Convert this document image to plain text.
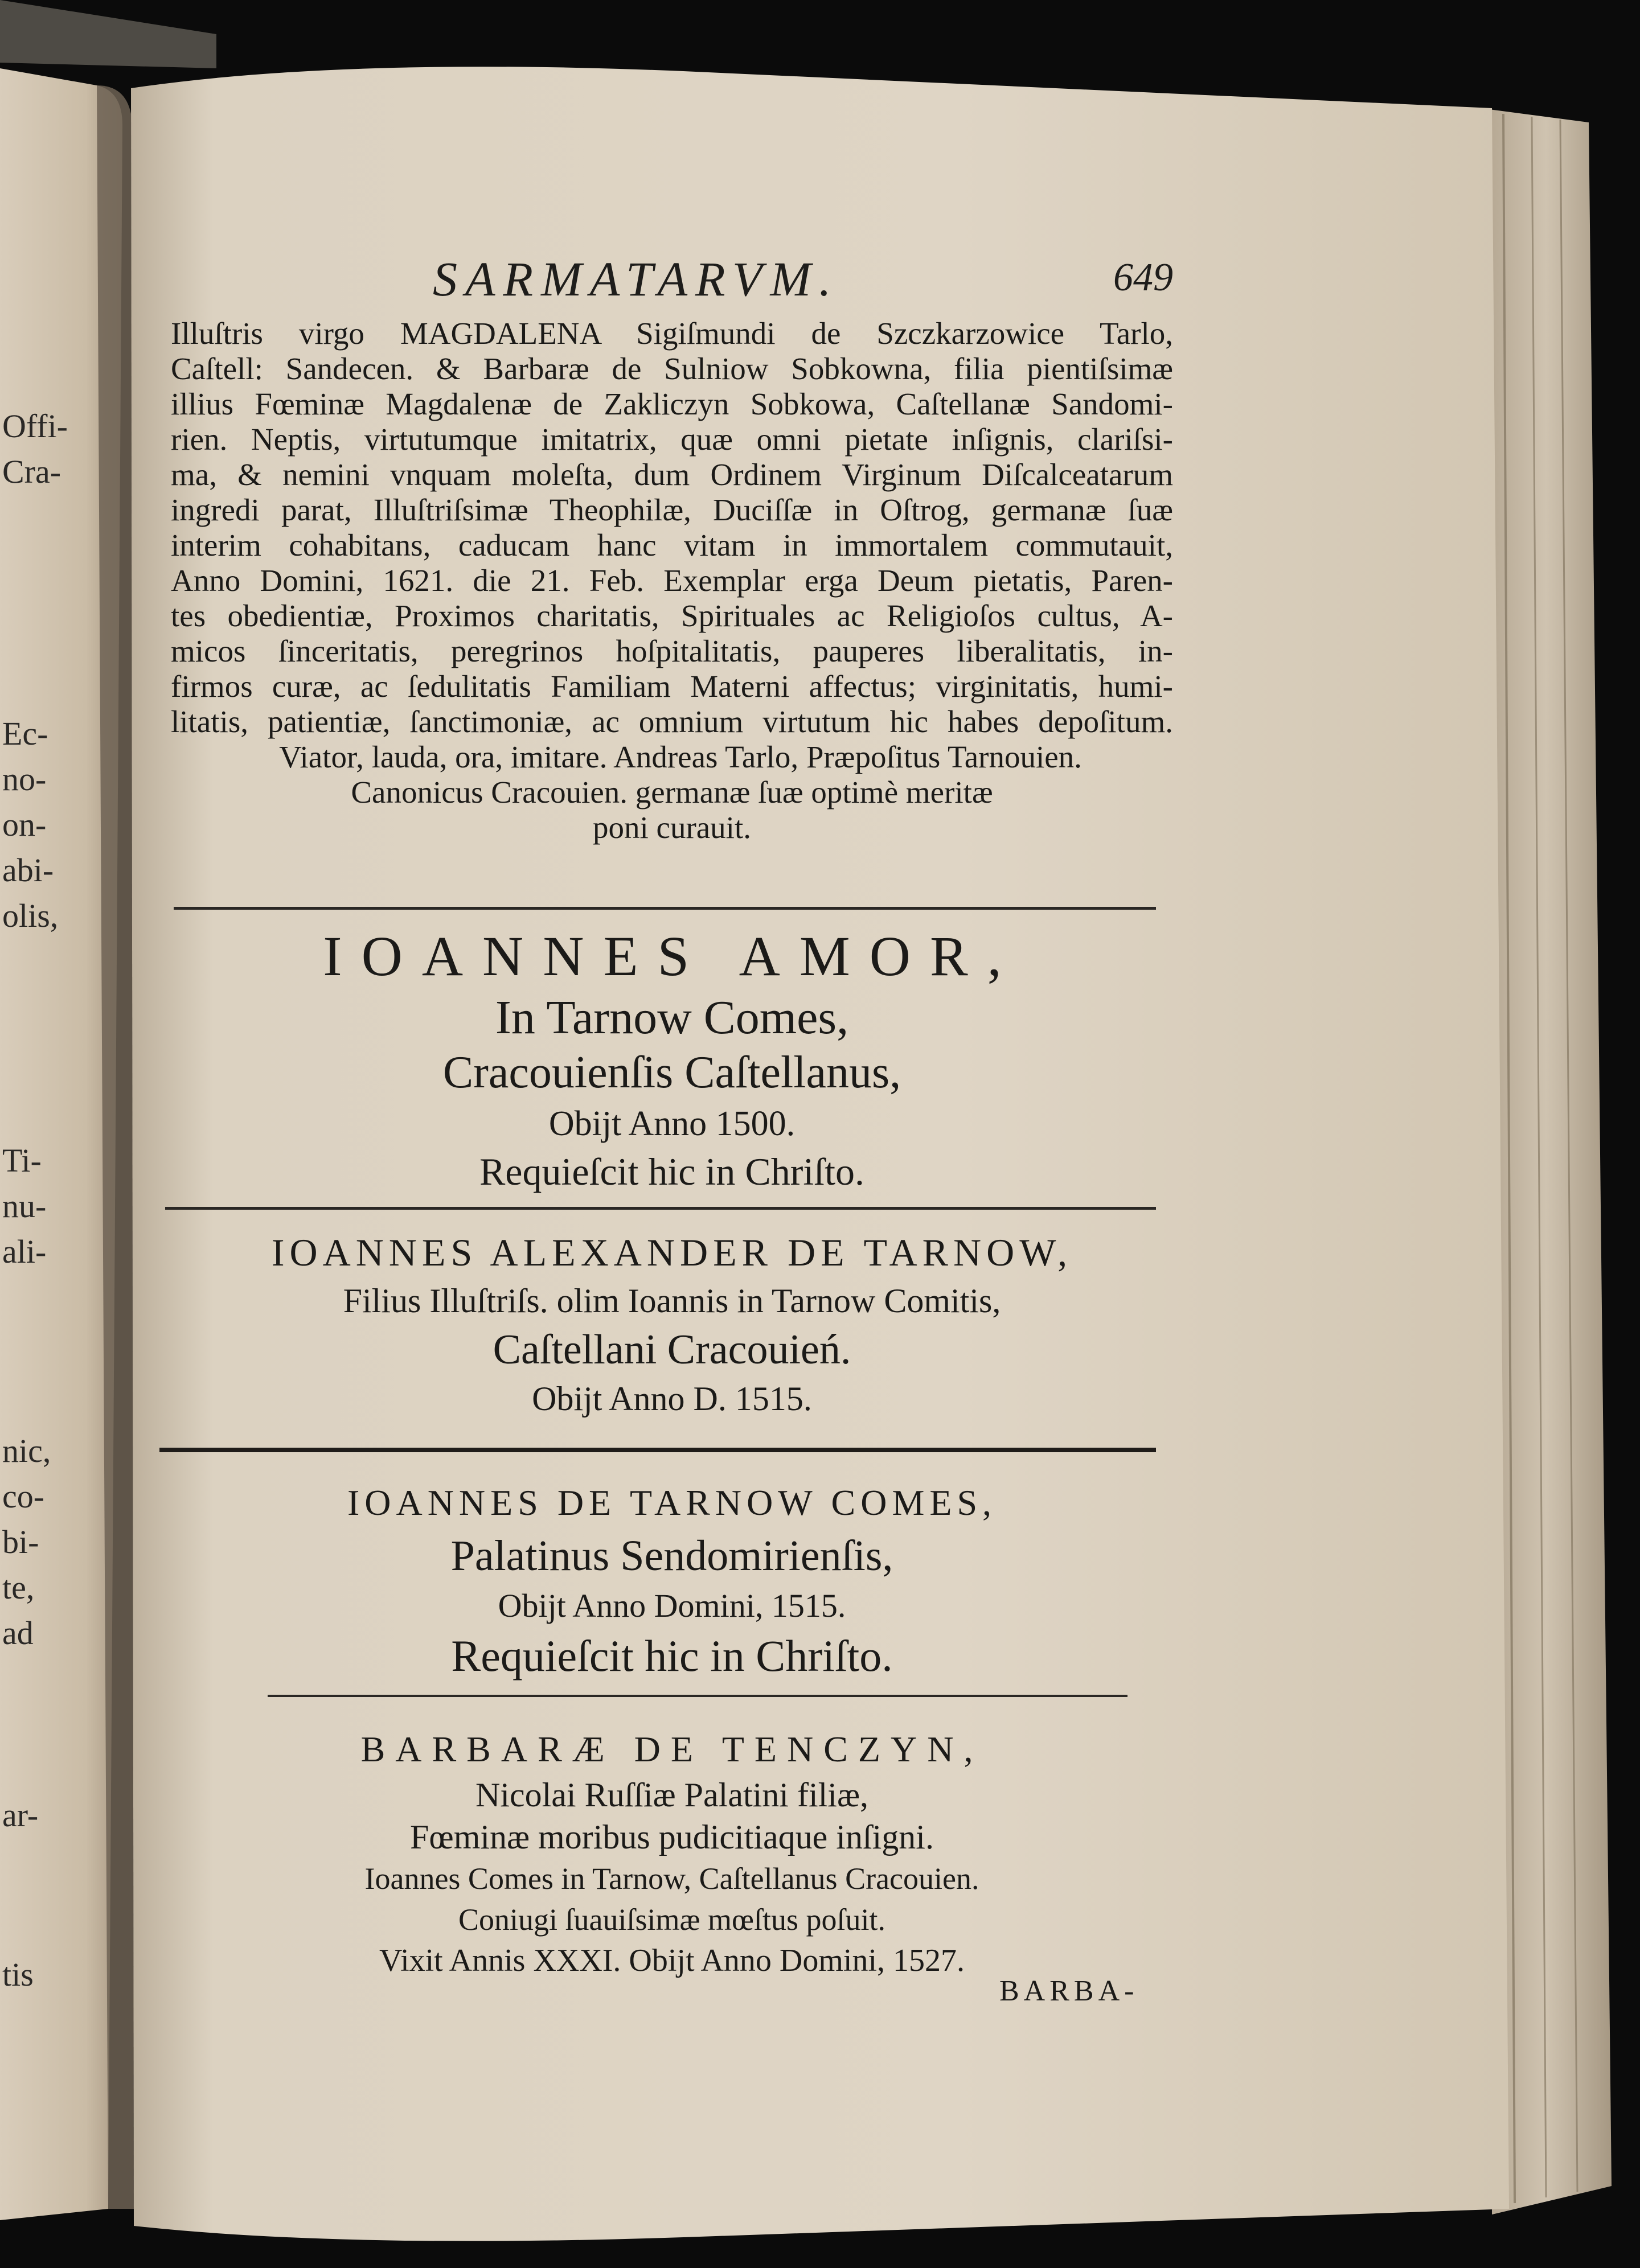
Offi-
Cra-
Ec-
no-
on-
abi-
olis,
Ti-
nu-
ali-
nic,
co-
bi-
te,
ad
ar-
tis
SARMATARVM.	649
Illuſtris virgo MAGDALENA Sigiſmundi de Szczkarzowice Tarlo,
Caſtell: Sandecen. & Barbaræ de Sulniow Sobkowna, filia pientiſsimæ
illius Fœminæ Magdalenæ de Zakliczyn Sobkowa, Caſtellanæ Sandomi-
rien. Neptis, virtutumque imitatrix, quæ omni pietate inſignis, clariſsi-
ma, & nemini vnquam moleſta, dum Ordinem Virginum Diſcalceatarum
ingredi parat, Illuſtriſsimæ Theophilæ, Duciſſæ in Oſtrog, germanæ ſuæ
interim cohabitans, caducam hanc vitam in immortalem commutauit,
Anno Domini, 1621. die 21. Feb. Exemplar erga Deum pietatis, Paren-
tes obedientiæ, Proximos charitatis, Spirituales ac Religioſos cultus, A-
micos ſinceritatis, peregrinos hoſpitalitatis, pauperes liberalitatis, in-
firmos curæ, ac ſedulitatis Familiam Materni affectus; virginitatis, humi-
litatis, patientiæ, ſanctimoniæ, ac omnium virtutum hic habes depoſitum.
Viator, lauda, ora, imitare. Andreas Tarlo, Præpoſitus Tarnouien.
Canonicus Cracouien. germanæ ſuæ optimè meritæ
poni curauit.
IOANNES AMOR,
In Tarnow Comes,
Cracouienſis Caſtellanus,
Obijt Anno 1500.
Requieſcit hic in Chriſto.
IOANNES ALEXANDER DE TARNOW,
Filius Illuſtriſs. olim Ioannis in Tarnow Comitis,
Caſtellani Cracouień.
Obijt Anno D. 1515.
IOANNES DE TARNOW COMES,
Palatinus Sendomirienſis,
Obijt Anno Domini, 1515.
Requieſcit hic in Chriſto.
BARBARÆ DE TENCZYN,
Nicolai Ruſſiæ Palatini filiæ,
Fœminæ moribus pudicitiaque inſigni.
Ioannes Comes in Tarnow, Caſtellanus Cracouien.
Coniugi ſuauiſsimæ mœſtus poſuit.
Vixit Annis XXXI. Obijt Anno Domini, 1527.
BARBA-
